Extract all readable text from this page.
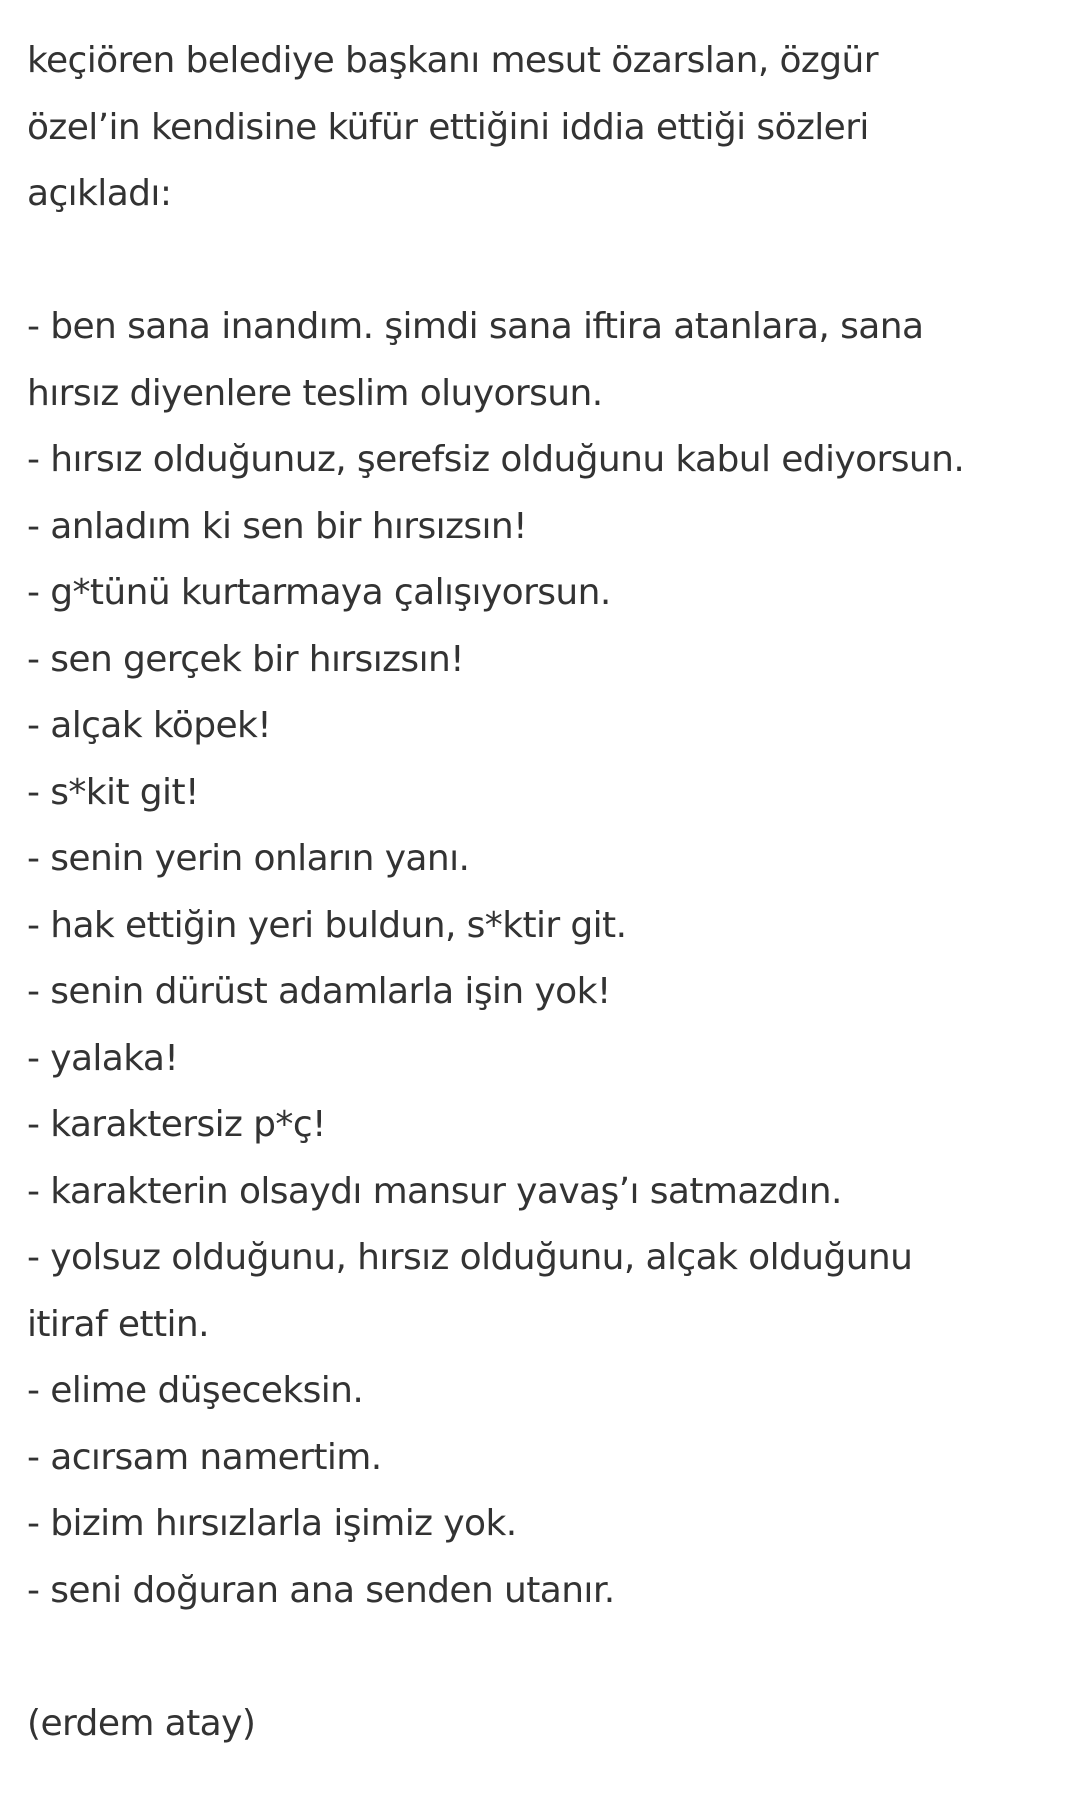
keçiören belediye başkanı mesut özarslan, özgür
özel’in kendisine küfür ettiğini iddia ettiği sözleri
açıkladı:

- ben sana inandım. şimdi sana iftira atanlara, sana
hırsız diyenlere teslim oluyorsun.
- hırsız olduğunuz, şerefsiz olduğunu kabul ediyorsun.
- anladım ki sen bir hırsızsın!
- g*tünü kurtarmaya çalışıyorsun.
- sen gerçek bir hırsızsın!
- alçak köpek!
- s*kit git!
- senin yerin onların yanı.
- hak ettiğin yeri buldun, s*ktir git.
- senin dürüst adamlarla işin yok!
- yalaka!
- karaktersiz p*ç!
- karakterin olsaydı mansur yavaş’ı satmazdın.
- yolsuz olduğunu, hırsız olduğunu, alçak olduğunu
itiraf ettin.
- elime düşeceksin.
- acırsam namertim.
- bizim hırsızlarla işimiz yok.
- seni doğuran ana senden utanır.

(erdem atay)
